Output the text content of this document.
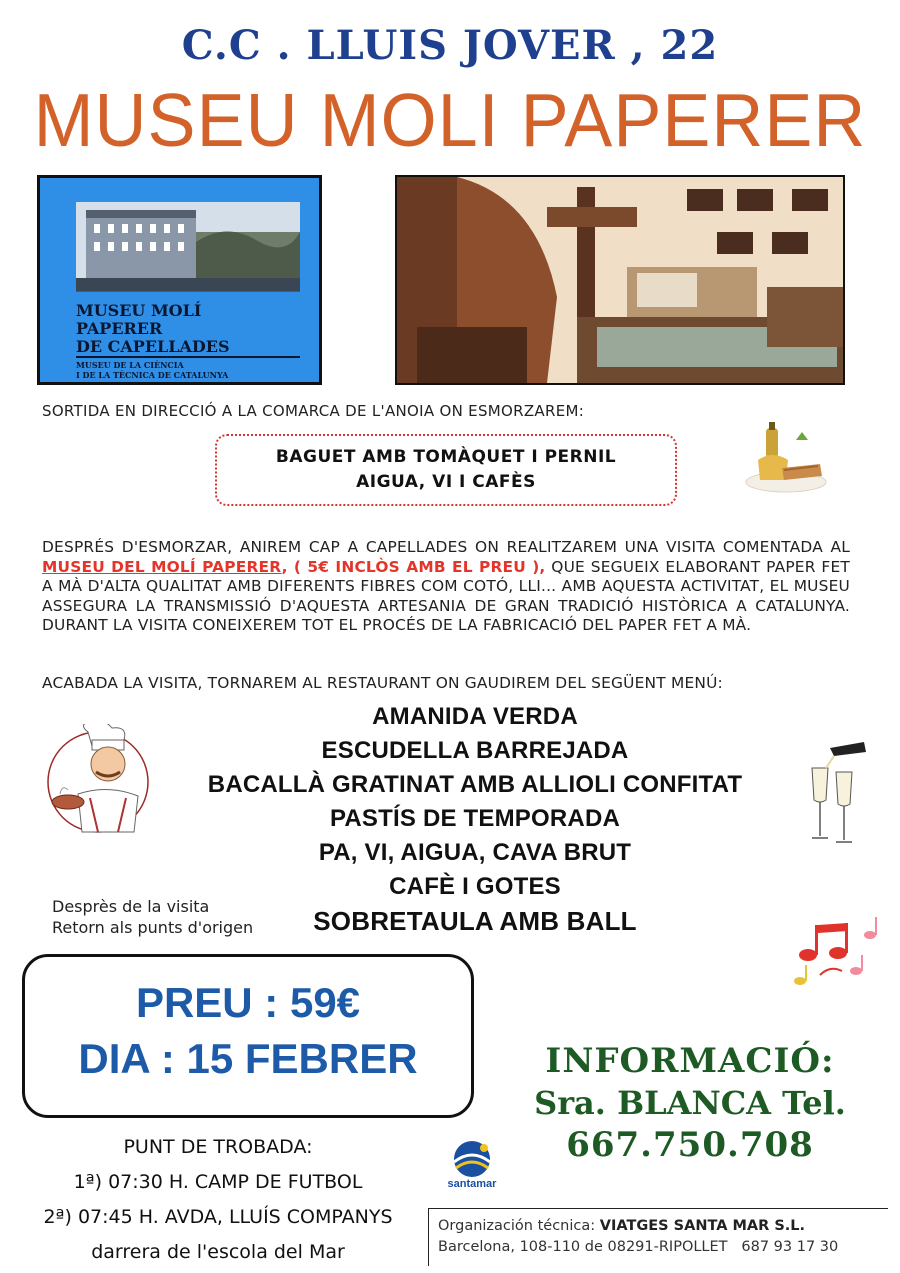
C.C . LLUIS JOVER , 22
MUSEU MOLI PAPERER
MUSEU MOLÍ
PAPERER
DE CAPELLADES
MUSEU DE LA CIÈNCIA
I DE LA TÈCNICA DE CATALUNYA
SORTIDA EN DIRECCIÓ A LA COMARCA DE L'ANOIA ON ESMORZAREM:
BAGUET AMB TOMÀQUET I PERNIL
AIGUA, VI I CAFÈS
DESPRÉS D'ESMORZAR, ANIREM CAP A CAPELLADES ON REALITZAREM UNA VISITA COMENTADA AL MUSEU DEL MOLÍ PAPERER, ( 5€ INCLÒS AMB EL PREU ), QUE SEGUEIX ELABORANT PAPER FET A MÀ D'ALTA QUALITAT AMB DIFERENTS FIBRES COM COTÓ, LLI... AMB AQUESTA ACTIVITAT, EL MUSEU ASSEGURA LA TRANSMISSIÓ D'AQUESTA ARTESANIA DE GRAN TRADICIÓ HISTÒRICA A CATALUNYA. DURANT LA VISITA CONEIXEREM TOT EL PROCÉS DE LA FABRICACIÓ DEL PAPER FET A MÀ.
ACABADA LA VISITA, TORNAREM AL RESTAURANT ON GAUDIREM DEL SEGÜENT MENÚ:
AMANIDA VERDA
ESCUDELLA BARREJADA
BACALLÀ GRATINAT AMB ALLIOLI CONFITAT
PASTÍS DE TEMPORADA
PA, VI, AIGUA, CAVA BRUT
CAFÈ I GOTES
SOBRETAULA AMB BALL
Desprès de la visita
Retorn als punts d'origen
PREU : 59€
DIA : 15 FEBRER	INFORMACIÓ:
Sra. BLANCA Tel.
667.750.708
PUNT DE TROBADA:
1ª) 07:30 H. CAMP DE FUTBOL
2ª) 07:45 H. AVDA, LLUÍS COMPANYS
darrera de l'escola del Mar
santamar
Organización técnica: VIATGES SANTA MAR S.L.
Barcelona, 108-110 de 08291-RIPOLLET 687 93 17 30
